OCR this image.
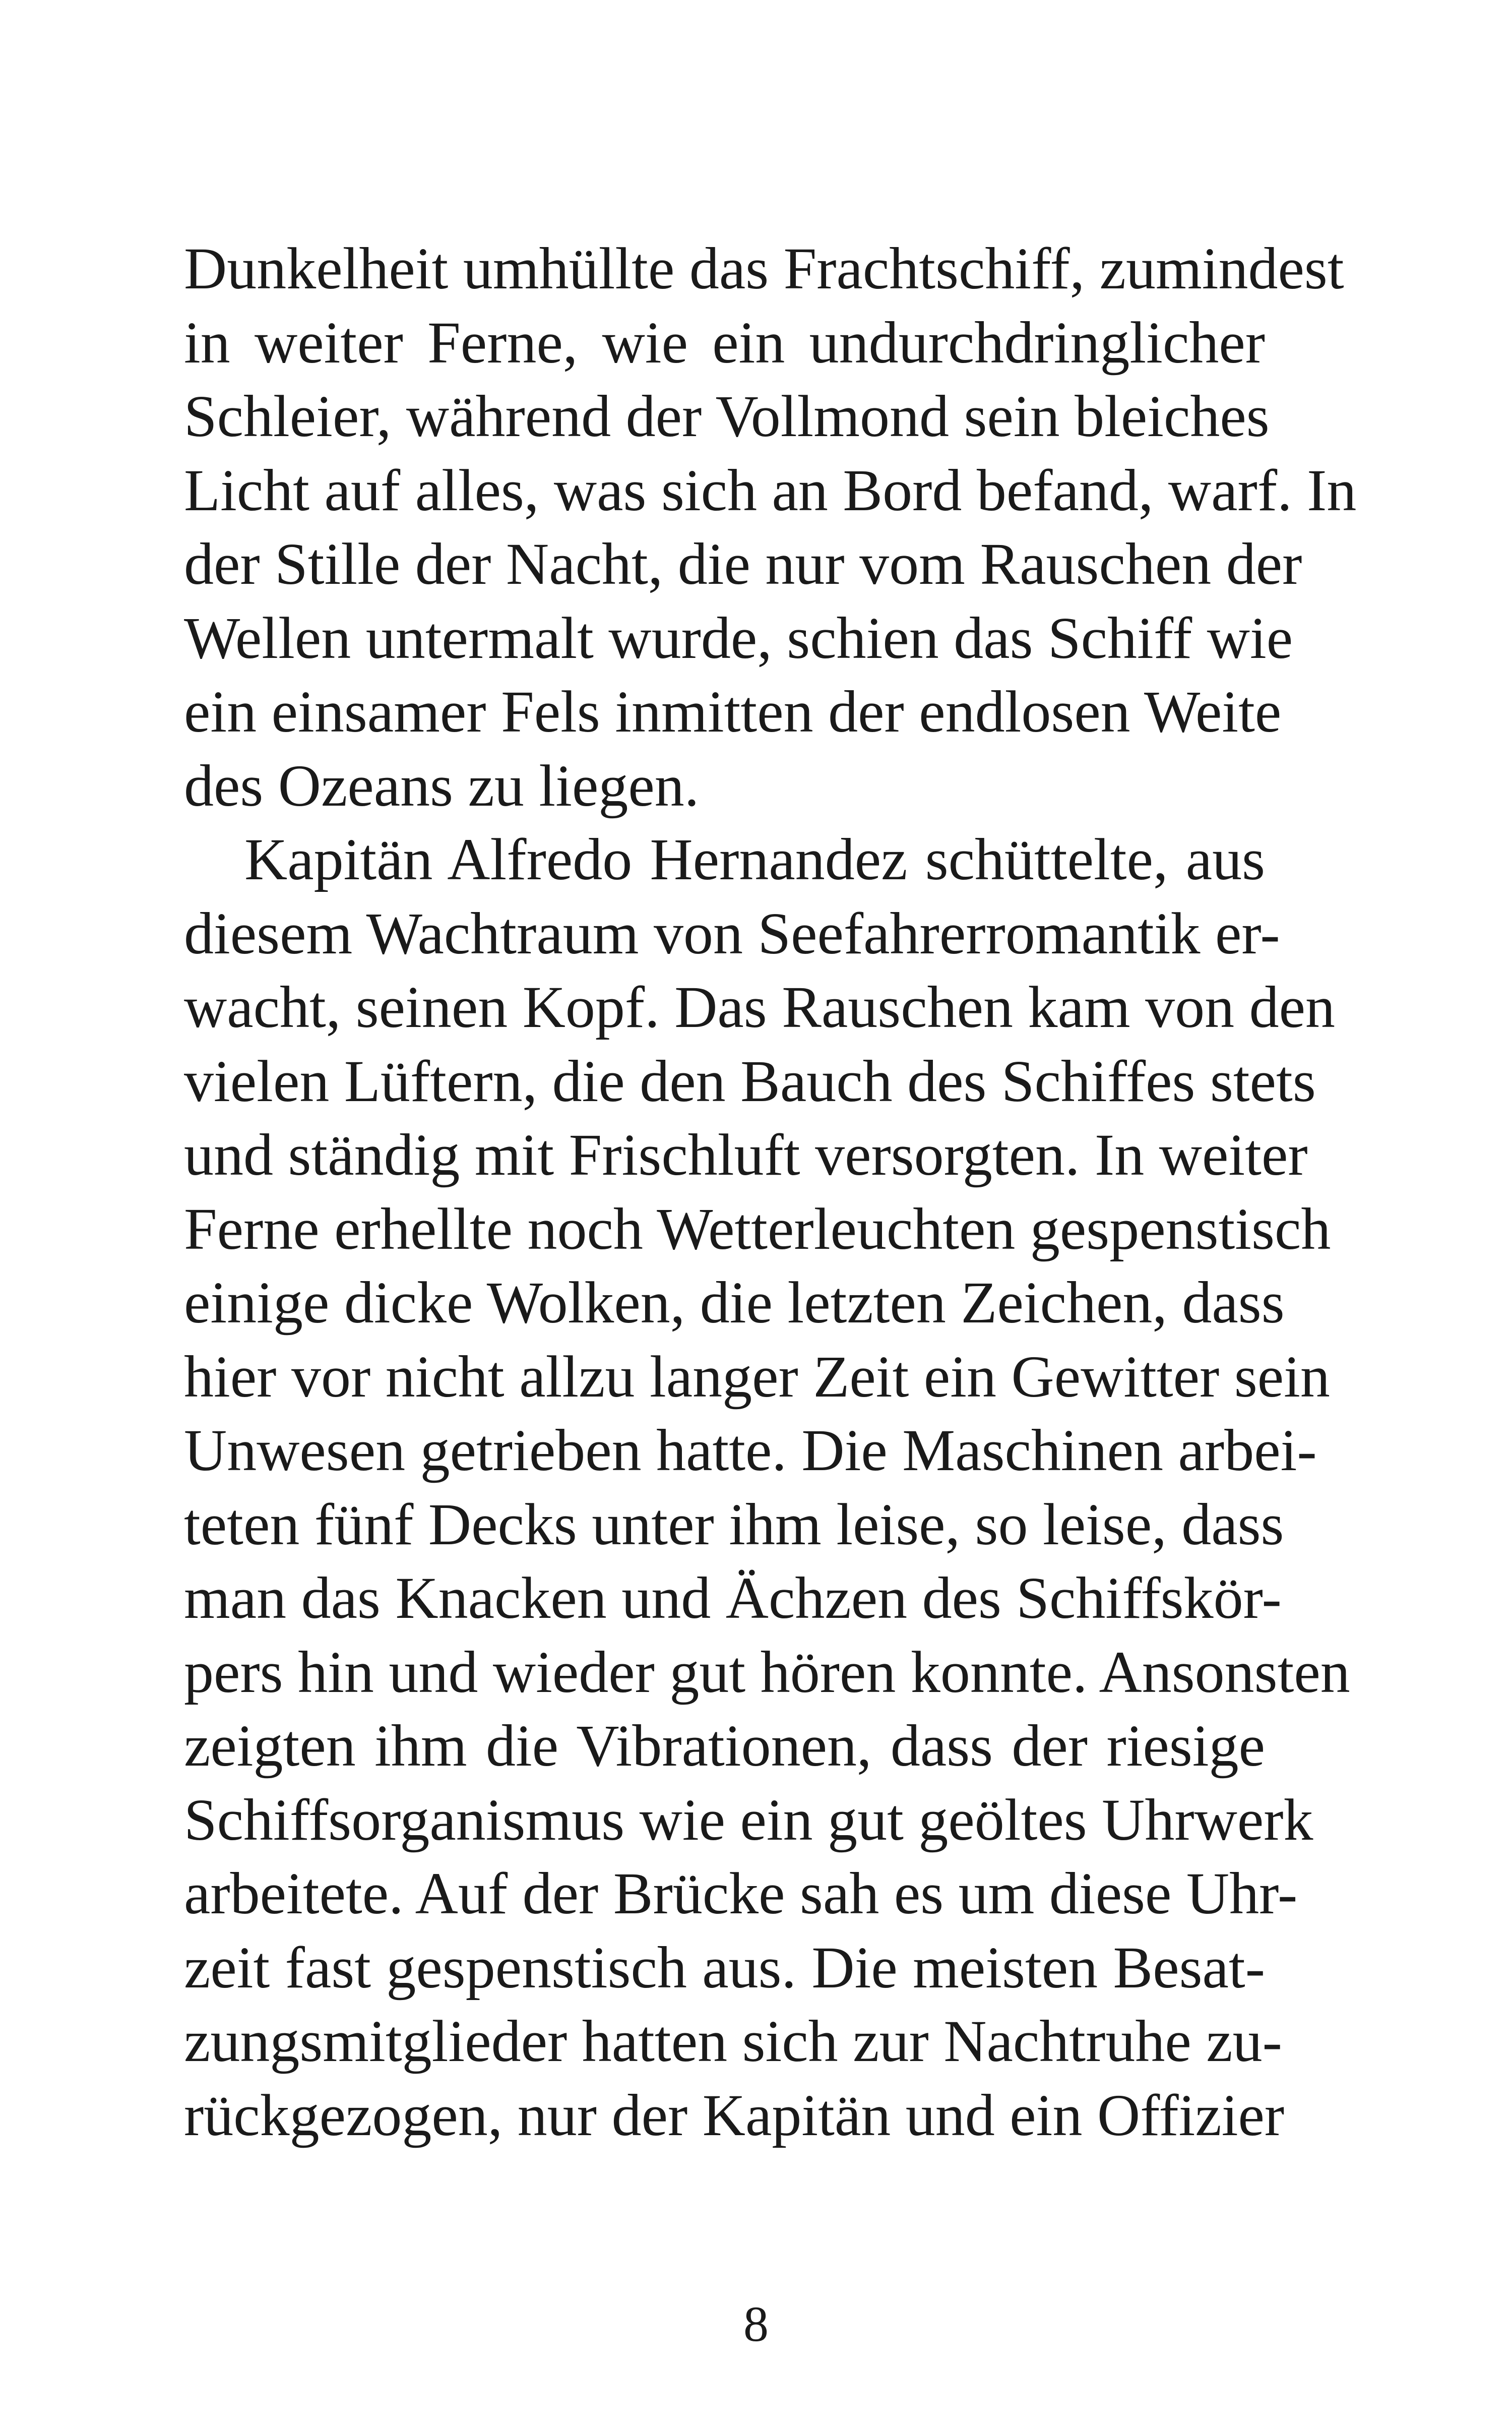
Dunkelheit umhüllte das Frachtschiff, zumindest
in weiter Ferne, wie ein undurchdringlicher
Schleier, während der Vollmond sein bleiches
Licht auf alles, was sich an Bord befand, warf. In
der Stille der Nacht, die nur vom Rauschen der
Wellen untermalt wurde, schien das Schiff wie
ein einsamer Fels inmitten der endlosen Weite
des Ozeans zu liegen.
Kapitän Alfredo Hernandez schüttelte, aus
diesem Wachtraum von Seefahrerromantik er-
wacht, seinen Kopf. Das Rauschen kam von den
vielen Lüftern, die den Bauch des Schiffes stets
und ständig mit Frischluft versorgten. In weiter
Ferne erhellte noch Wetterleuchten gespenstisch
einige dicke Wolken, die letzten Zeichen, dass
hier vor nicht allzu langer Zeit ein Gewitter sein
Unwesen getrieben hatte. Die Maschinen arbei-
teten fünf Decks unter ihm leise, so leise, dass
man das Knacken und Ächzen des Schiffskör-
pers hin und wieder gut hören konnte. Ansonsten
zeigten ihm die Vibrationen, dass der riesige
Schiffsorganismus wie ein gut geöltes Uhrwerk
arbeitete. Auf der Brücke sah es um diese Uhr-
zeit fast gespenstisch aus. Die meisten Besat-
zungsmitglieder hatten sich zur Nachtruhe zu-
rückgezogen, nur der Kapitän und ein Offizier
8
